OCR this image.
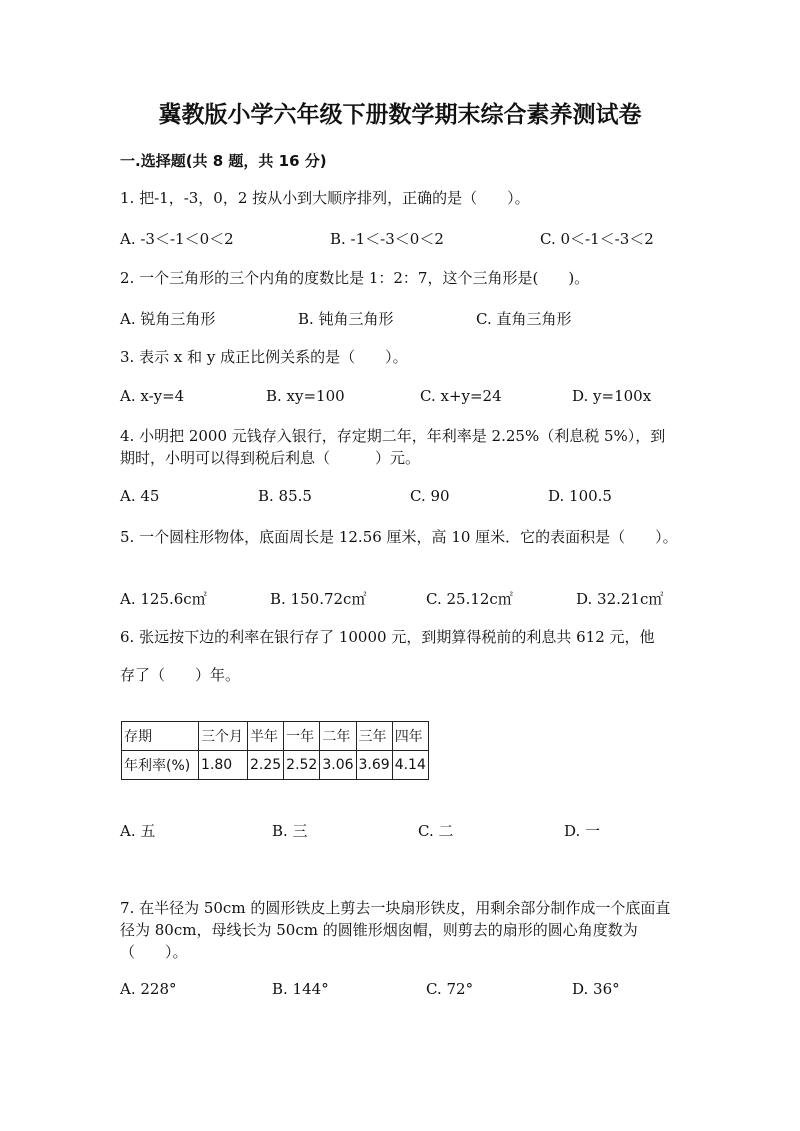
冀教版小学六年级下册数学期末综合素养测试卷
一.选择题(共 8 题，共 16 分)
1. 把-1，-3，0，2 按从小到大顺序排列，正确的是（　　）。
A. -3＜-1＜0＜2	B. -1＜-3＜0＜2	C. 0＜-1＜-3＜2
2. 一个三角形的三个内角的度数比是 1：2：7，这个三角形是(　　)。
A. 锐角三角形	B. 钝角三角形	C. 直角三角形
3. 表示 x 和 y 成正比例关系的是（　　）。
A. x-y=4	B. xy=100	C. x+y=24	D. y=100x
4. 小明把 2000 元钱存入银行，存定期二年，年利率是 2.25%（利息税 5%），到期时，小明可以得到税后利息（　　　）元。
A. 45	B. 85.5	C. 90	D. 100.5
5. 一个圆柱形物体，底面周长是 12.56 厘米，高 10 厘米．它的表面积是（　　）。
A. 125.6c㎡	B. 150.72c㎡	C. 25.12c㎡	D. 32.21c㎡
6. 张远按下边的利率在银行存了 10000 元，到期算得税前的利息共 612 元，他
存了（　　）年。
存期	三个月	半年	一年	二年	三年	四年
年利率(%)	1.80	2.25	2.52	3.06	3.69	4.14
A. 五	B. 三	C. 二	D. 一
7. 在半径为 50cm 的圆形铁皮上剪去一块扇形铁皮，用剩余部分制作成一个底面直径为 80cm，母线长为 50cm 的圆锥形烟囱帽，则剪去的扇形的圆心角度数为（　　）。
A. 228°	B. 144°	C. 72°	D. 36°
